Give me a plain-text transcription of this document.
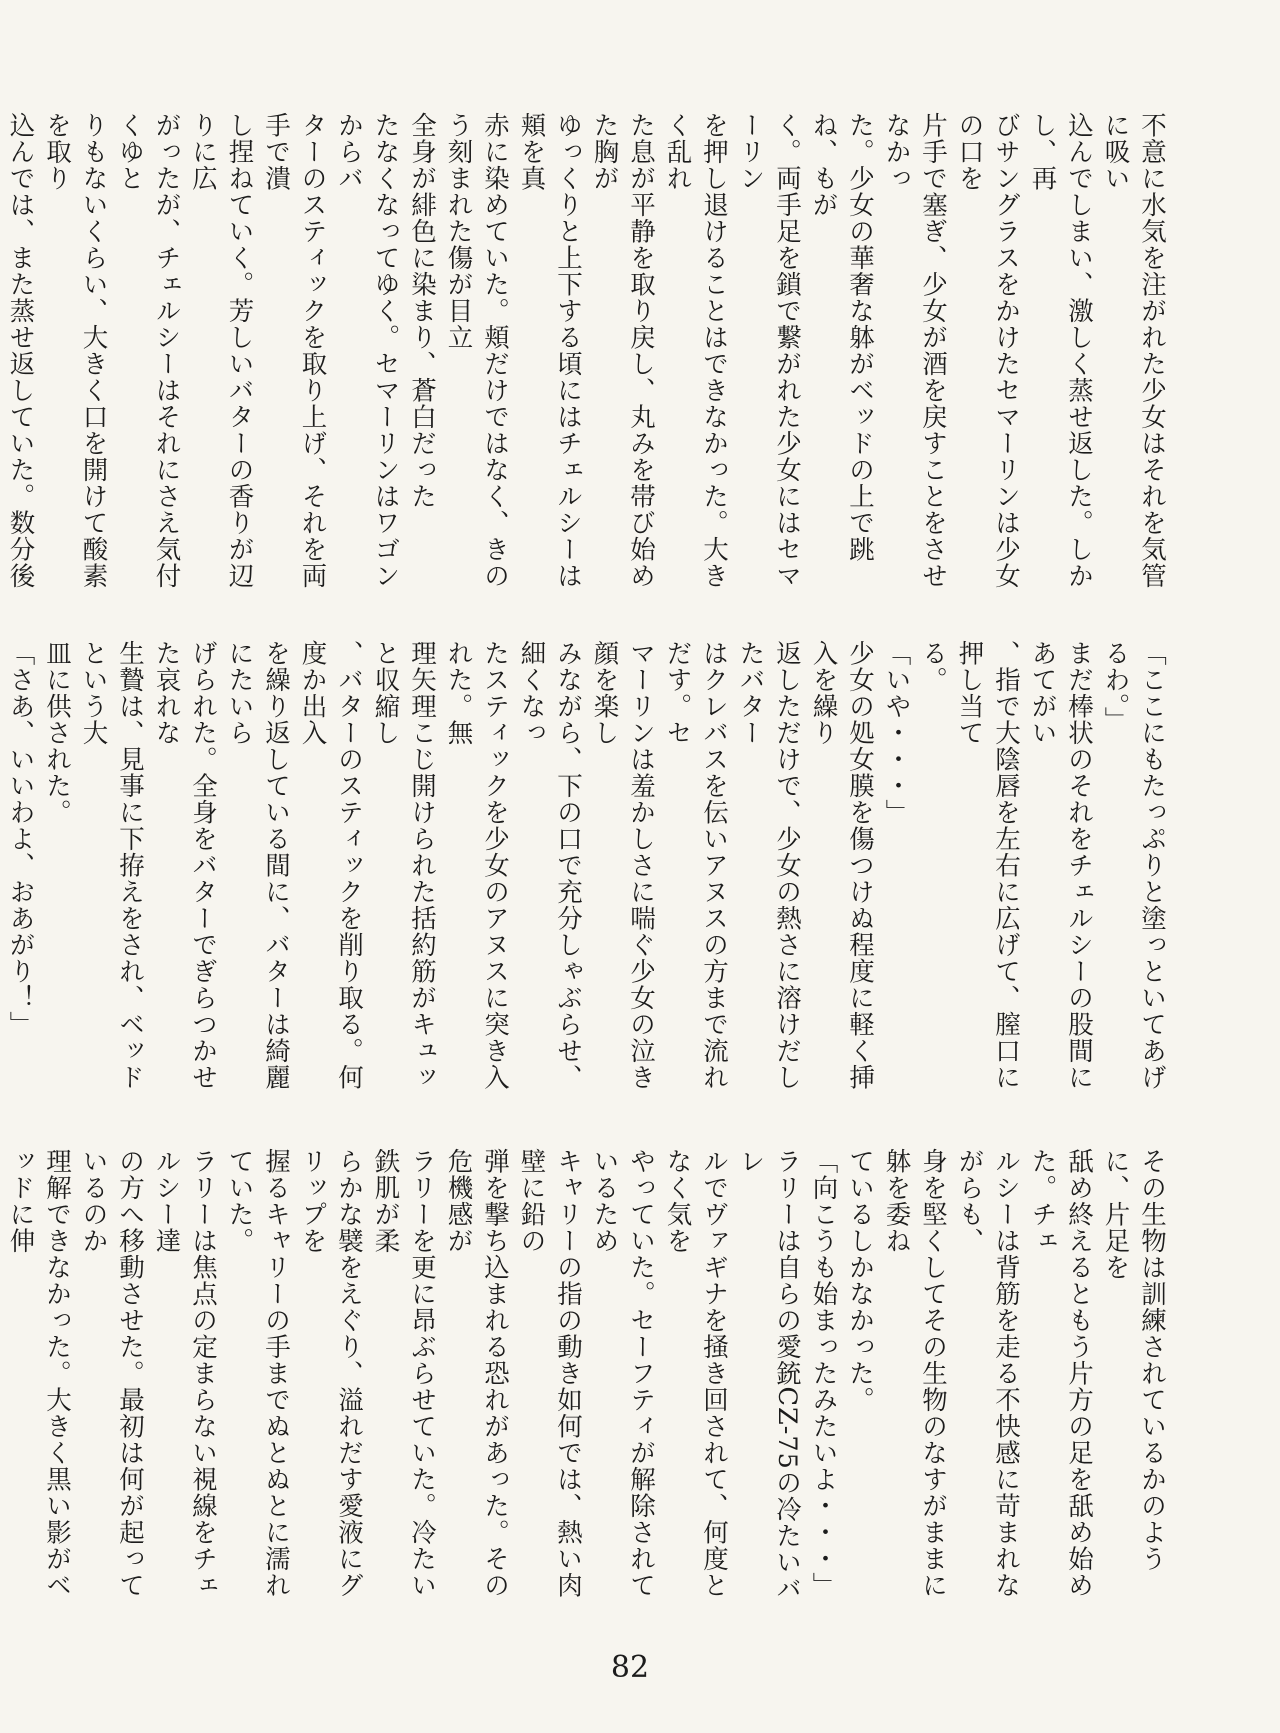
不意に水気を注がれた少女はそれを気管に吸い

込んでしまい、激しく蒸せ返した。しかし、再

びサングラスをかけたセマーリンは少女の口を

片手で塞ぎ、少女が酒を戻すことをさせなかっ

た。少女の華奢な躰がベッドの上で跳ね、もが

く。両手足を鎖で繋がれた少女にはセマーリン

を押し退けることはできなかった。大きく乱れ

た息が平静を取り戻し、丸みを帯び始めた胸が

ゆっくりと上下する頃にはチェルシーは頬を真

赤に染めていた。頬だけではなく、きのう刻まれた傷が目立

全身が緋色に染まり、蒼白だった

たなくなってゆく。セマーリンはワゴンからバ

ターのスティックを取り上げ、それを両手で潰

し捏ねていく。芳しいバターの香りが辺りに広

がったが、チェルシーはそれにさえ気付くゆと

りもないくらい、大きく口を開けて酸素を取り

込んでは、また蒸せ返していた。数分後

「ここにもたっぷりと塗っといてあげるわ。」

まだ棒状のそれをチェルシーの股間にあてがい

、指で大陰唇を左右に広げて、膣口に押し当て

る。

「いや・・・」

少女の処女膜を傷つけぬ程度に軽く挿入を繰り

返しただけで、少女の熱さに溶けだしたバター

はクレバスを伝いアヌスの方まで流れだす。セ

マーリンは羞かしさに喘ぐ少女の泣き顔を楽し

みながら、下の口で充分しゃぶらせ、細くなっ

たスティックを少女のアヌスに突き入れた。無

理矢理こじ開けられた括約筋がキュッと収縮し

、バターのスティックを削り取る。何度か出入

を繰り返している間に、バターは綺麗にたいら

げられた。全身をバターでぎらつかせた哀れな

生贄は、見事に下拵えをされ、ベッドという大

皿に供された。

「さあ、いいわよ、おあがり！」

その生物は訓練されているかのように、片足を

舐め終えるともう片方の足を舐め始めた。チェ

ルシーは背筋を走る不快感に苛まれながらも、

身を堅くしてその生物のなすがままに躰を委ね

ているしかなかった。

「向こうも始まったみたいよ・・・」

ラリーは自らの愛銃CZ-75の冷たいバレ

ルでヴァギナを掻き回されて、何度となく気を

やっていた。セーフティが解除されているため

キャリーの指の動き如何では、熱い肉壁に鉛の

弾を撃ち込まれる恐れがあった。その危機感が

ラリーを更に昂ぶらせていた。冷たい鉄肌が柔

らかな襞をえぐり、溢れだす愛液にグリップを

握るキャリーの手までぬとぬとに濡れていた。

ラリーは焦点の定まらない視線をチェルシー達

の方へ移動させた。最初は何が起っているのか

理解できなかった。大きく黒い影がベッドに伸

82
